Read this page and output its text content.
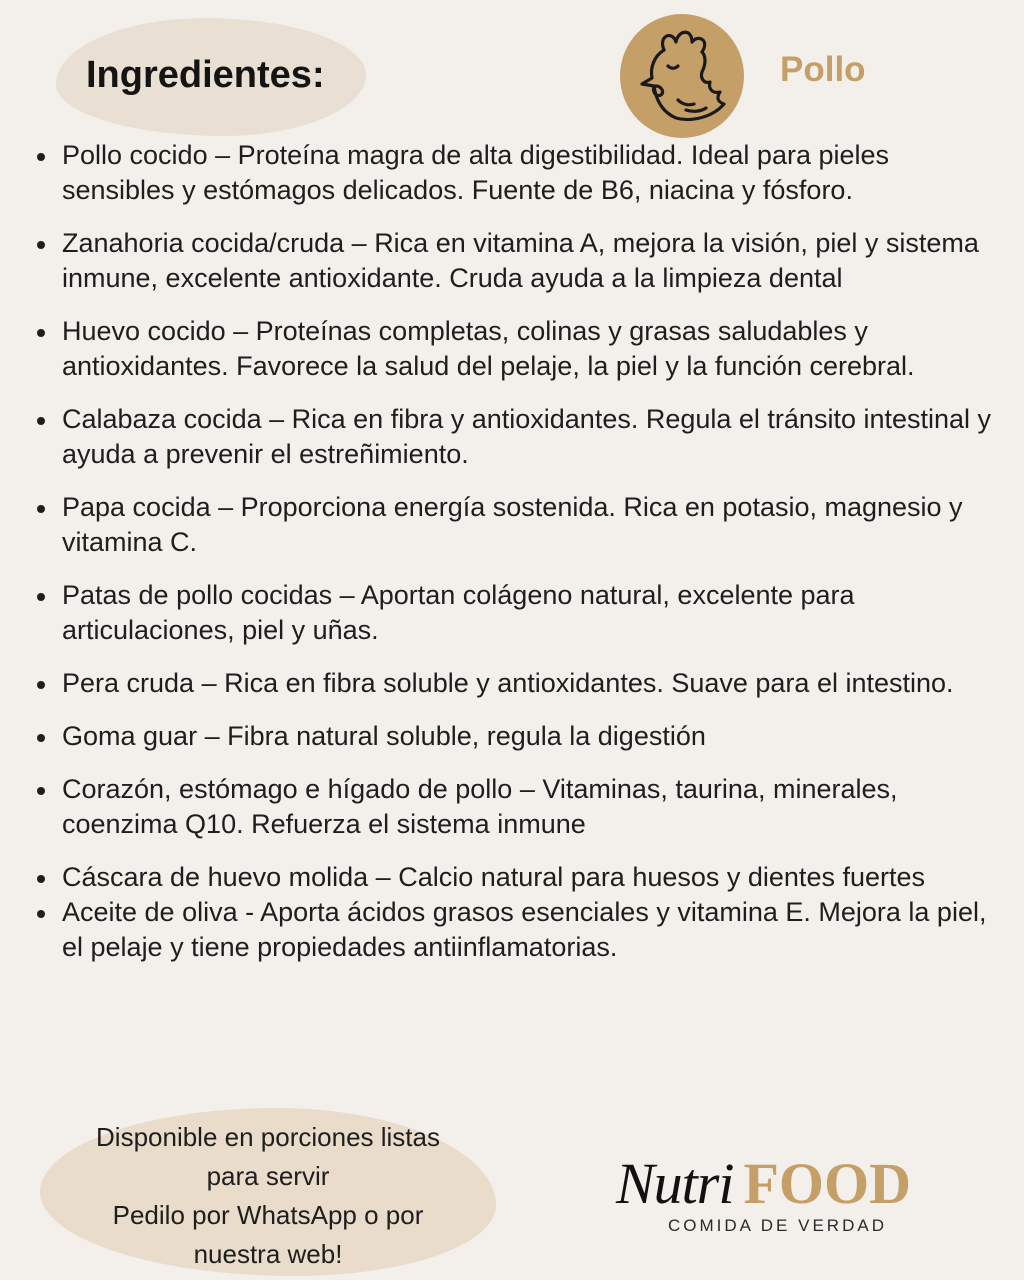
Ingredientes:	Pollo
Pollo cocido – Proteína magra de alta digestibilidad. Ideal para pieles sensibles y estómagos delicados. Fuente de B6, niacina y fósforo.
Zanahoria cocida/cruda – Rica en vitamina A, mejora la visión, piel y sistema inmune, excelente antioxidante. Cruda ayuda a la limpieza dental
Huevo cocido – Proteínas completas, colinas y grasas saludables y antioxidantes. Favorece la salud del pelaje, la piel y la función cerebral.
Calabaza cocida – Rica en fibra y antioxidantes. Regula el tránsito intestinal y ayuda a prevenir el estreñimiento.
Papa cocida – Proporciona energía sostenida. Rica en potasio, magnesio y vitamina C.
Patas de pollo cocidas – Aportan colágeno natural, excelente para articulaciones, piel y uñas.
Pera cruda – Rica en fibra soluble y antioxidantes. Suave para el intestino.
Goma guar – Fibra natural soluble, regula la digestión
Corazón, estómago e hígado de pollo – Vitaminas, taurina, minerales, coenzima Q10. Refuerza el sistema inmune
Cáscara de huevo molida – Calcio natural para huesos y dientes fuertes
Aceite de oliva - Aporta ácidos grasos esenciales y vitamina E. Mejora la piel, el pelaje y tiene propiedades antiinflamatorias.
Disponible en porciones listas
para servir
Pedilo por WhatsApp o por
nuestra web!
Nutri FOOD
COMIDA DE VERDAD
